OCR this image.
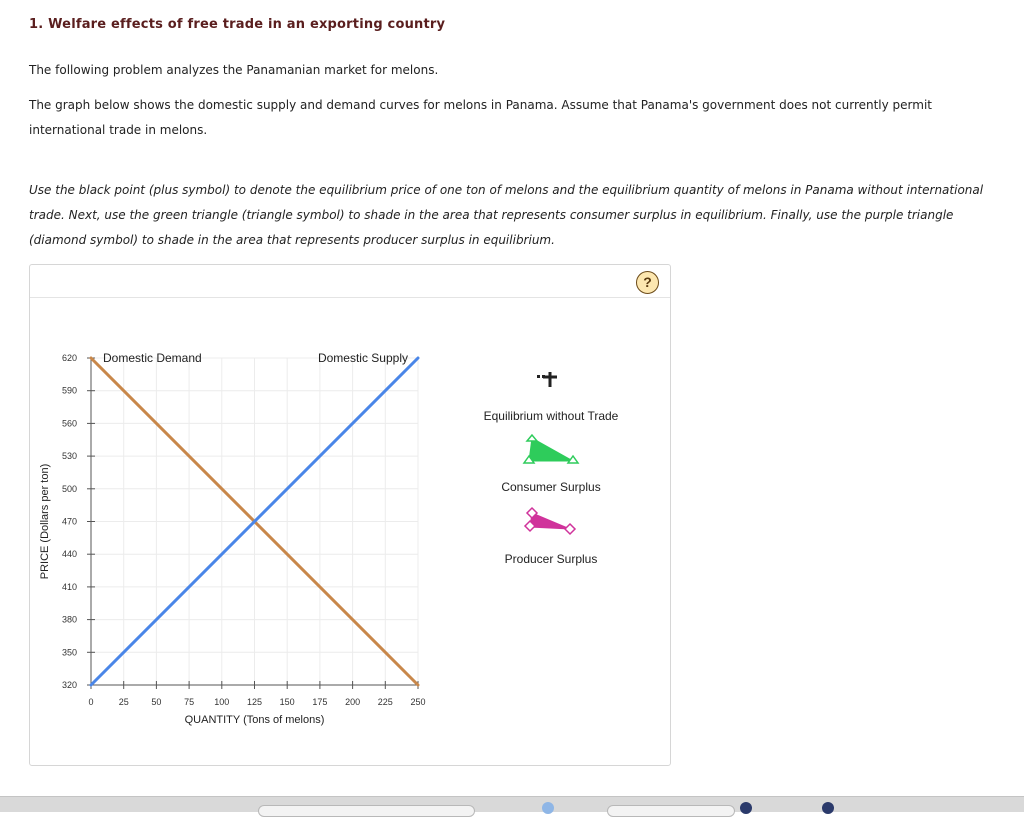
1. Welfare effects of free trade in an exporting country
The following problem analyzes the Panamanian market for melons.
The graph below shows the domestic supply and demand curves for melons in Panama. Assume that Panama's government does not currently permit international trade in melons.
Use the black point (plus symbol) to denote the equilibrium price of one ton of melons and the equilibrium quantity of melons in Panama without international trade. Next, use the green triangle (triangle symbol) to shade in the area that represents consumer surplus in equilibrium. Finally, use the purple triangle (diamond symbol) to shade in the area that represents producer surplus in equilibrium.
?
320
350
380
410
440
470
500
530
560
590
620
0	25	50	75 100 125 150 175 200 225 250
QUANTITY (Tons of melons)
PRICE (Dollars per ton)
Domestic Demand	Domestic Supply
Equilibrium without Trade
Consumer Surplus
Producer Surplus
